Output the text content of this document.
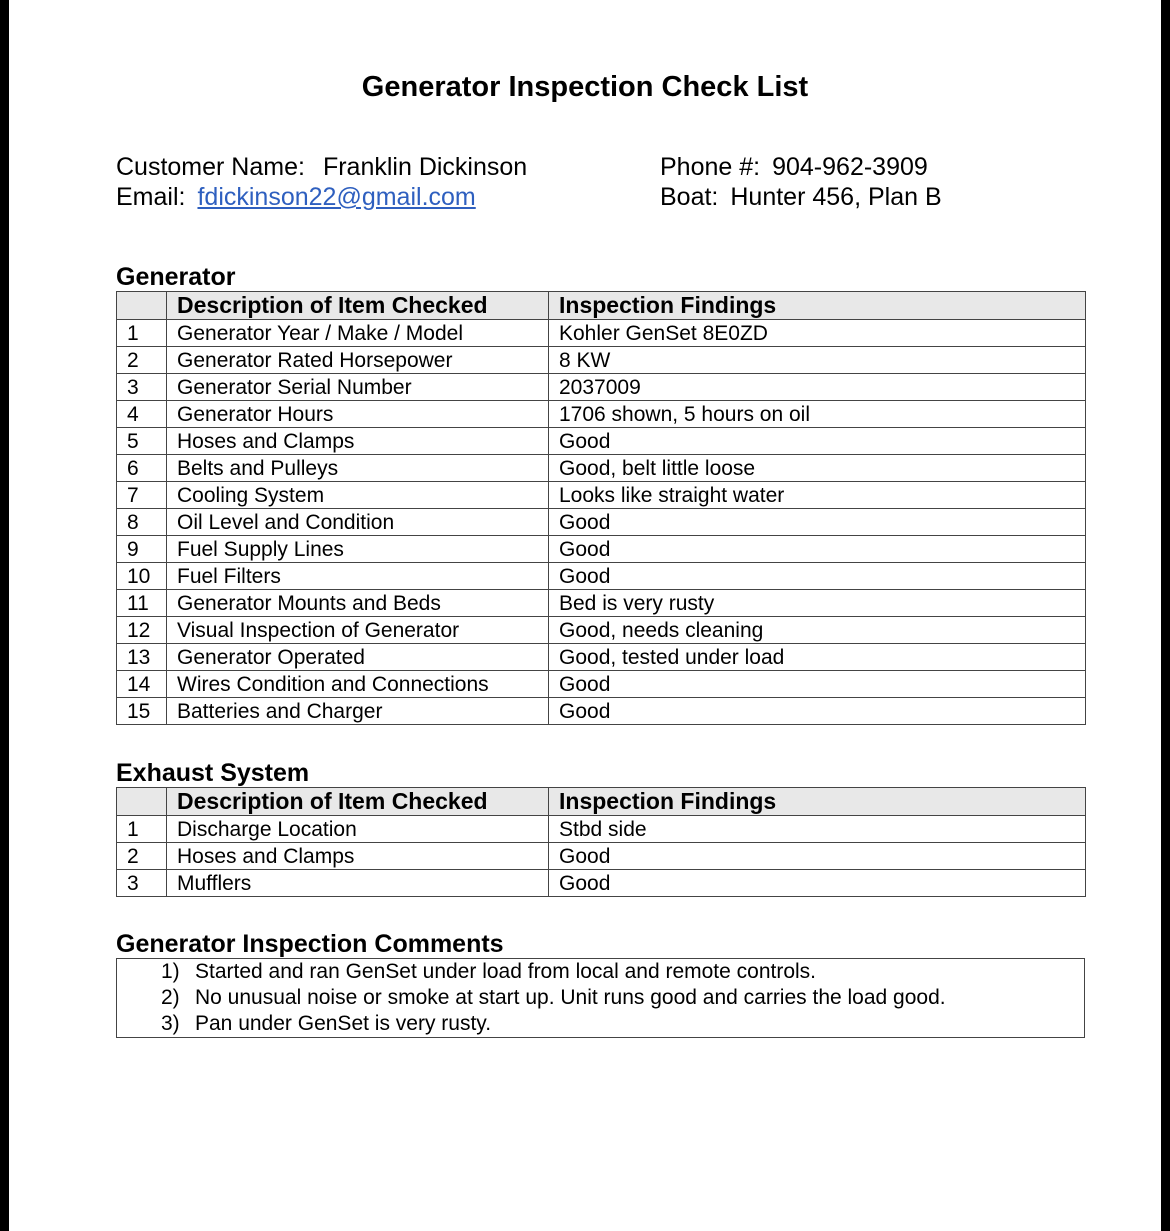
Generator Inspection Check List
Customer Name: Franklin Dickinson
Email: fdickinson22@gmail.com
Phone #: 904-962-3909
Boat: Hunter 456, Plan B
Generator
	Description of Item Checked	Inspection Findings
1	Generator Year / Make / Model	Kohler GenSet 8E0ZD
2	Generator Rated Horsepower	8 KW
3	Generator Serial Number	2037009
4	Generator Hours	1706 shown, 5 hours on oil
5	Hoses and Clamps	Good
6	Belts and Pulleys	Good, belt little loose
7	Cooling System	Looks like straight water
8	Oil Level and Condition	Good
9	Fuel Supply Lines	Good
10	Fuel Filters	Good
11	Generator Mounts and Beds	Bed is very rusty
12	Visual Inspection of Generator	Good, needs cleaning
13	Generator Operated	Good, tested under load
14	Wires Condition and Connections	Good
15	Batteries and Charger	Good
Exhaust System
	Description of Item Checked	Inspection Findings
1	Discharge Location	Stbd side
2	Hoses and Clamps	Good
3	Mufflers	Good
Generator Inspection Comments
1) Started and ran GenSet under load from local and remote controls.
2) No unusual noise or smoke at start up. Unit runs good and carries the load good.
3) Pan under GenSet is very rusty.
